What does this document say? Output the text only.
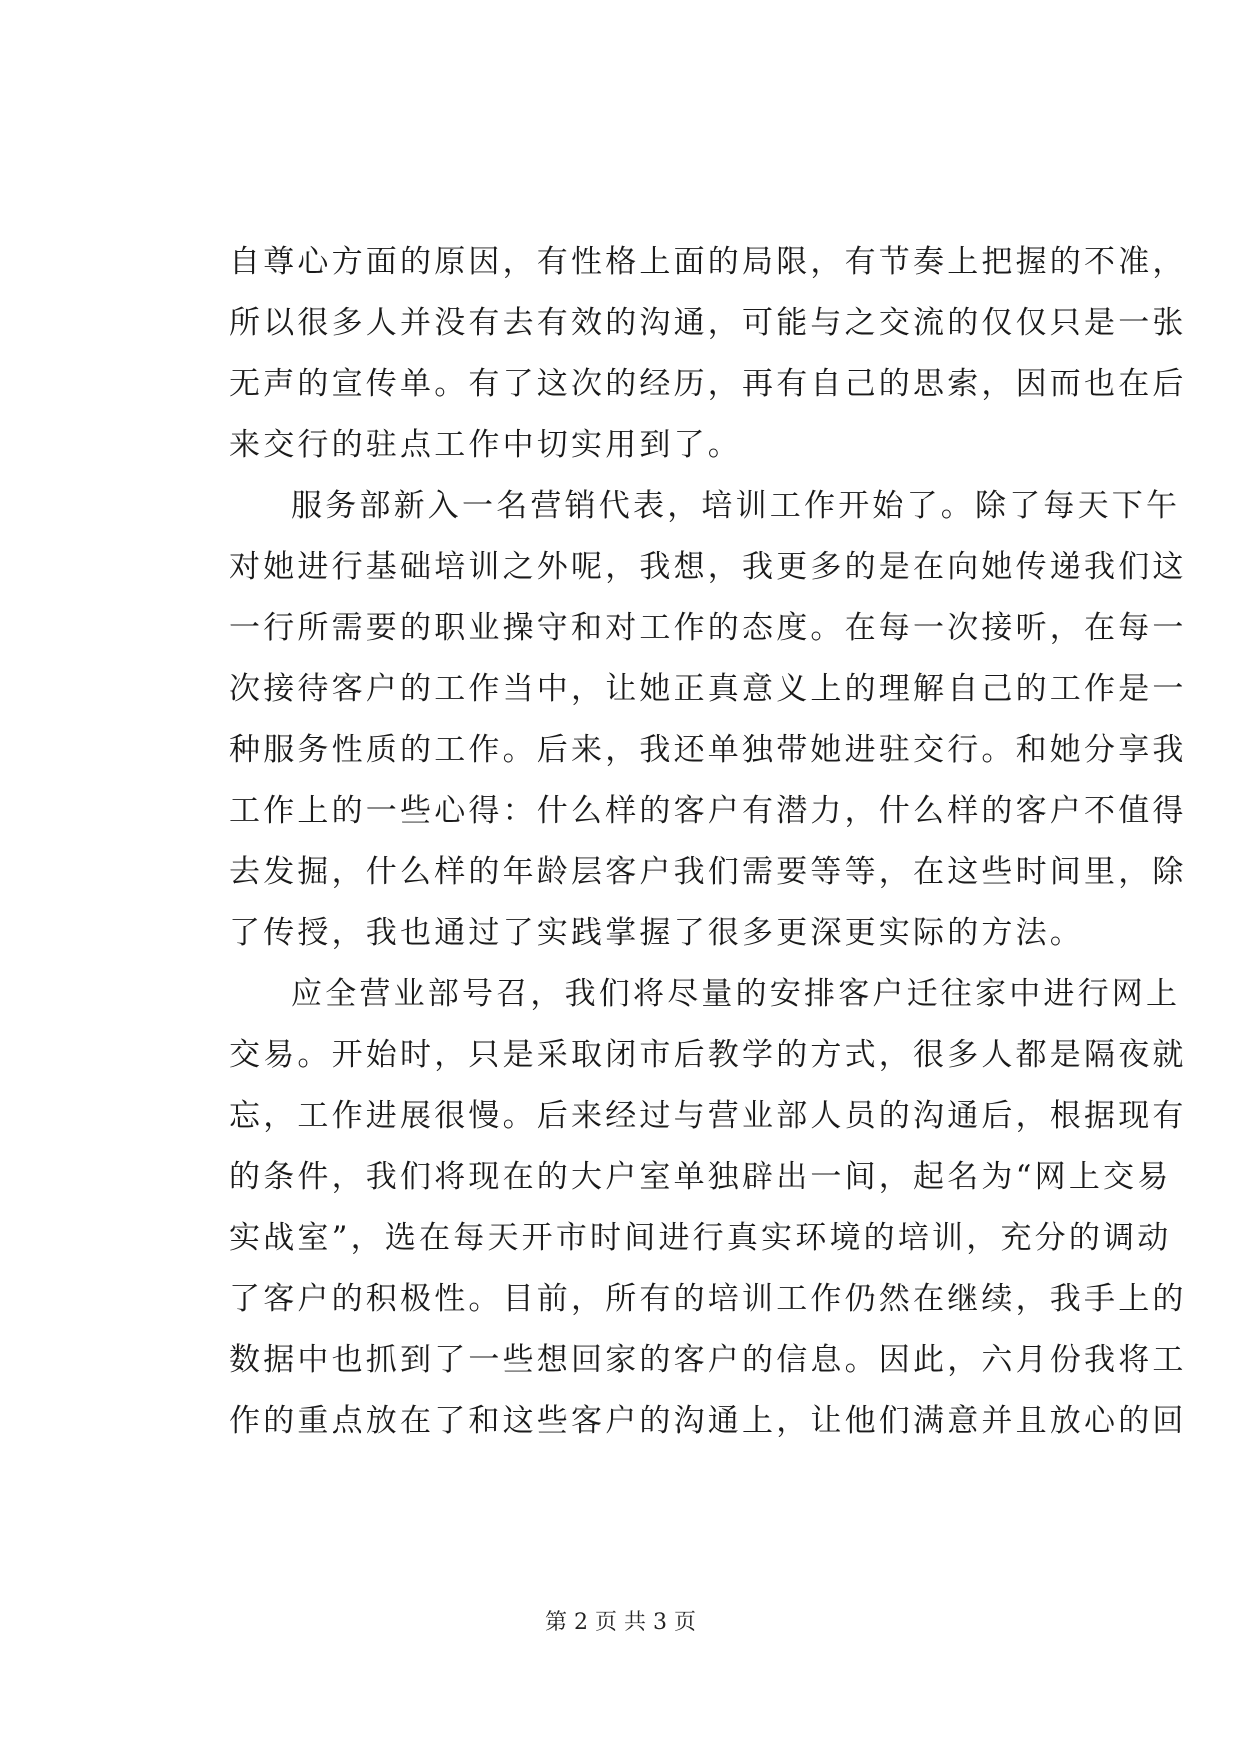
自尊心方面的原因，有性格上面的局限，有节奏上把握的不准，
所以很多人并没有去有效的沟通，可能与之交流的仅仅只是一张
无声的宣传单。有了这次的经历，再有自己的思索，因而也在后
来交行的驻点工作中切实用到了。
服务部新入一名营销代表，培训工作开始了。除了每天下午
对她进行基础培训之外呢，我想，我更多的是在向她传递我们这
一行所需要的职业操守和对工作的态度。在每一次接听，在每一
次接待客户的工作当中，让她正真意义上的理解自己的工作是一
种服务性质的工作。后来，我还单独带她进驻交行。和她分享我
工作上的一些心得：什么样的客户有潜力，什么样的客户不值得
去发掘，什么样的年龄层客户我们需要等等，在这些时间里，除
了传授，我也通过了实践掌握了很多更深更实际的方法。
应全营业部号召，我们将尽量的安排客户迁往家中进行网上
交易。开始时，只是采取闭市后教学的方式，很多人都是隔夜就
忘，工作进展很慢。后来经过与营业部人员的沟通后，根据现有
的条件，我们将现在的大户室单独辟出一间，起名为“网上交易
实战室”，选在每天开市时间进行真实环境的培训，充分的调动
了客户的积极性。目前，所有的培训工作仍然在继续，我手上的
数据中也抓到了一些想回家的客户的信息。因此，六月份我将工
作的重点放在了和这些客户的沟通上，让他们满意并且放心的回
第 2 页 共 3 页
